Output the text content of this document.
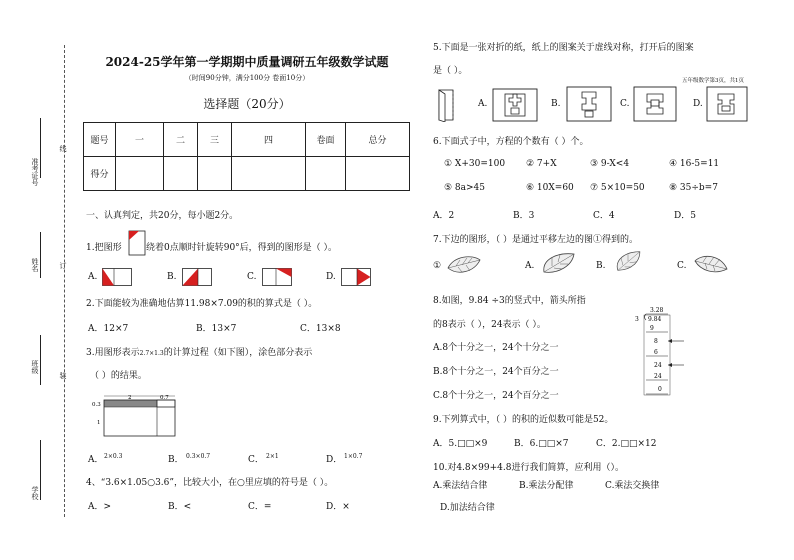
准考证号
线
姓名	订
班级
装
学校
2024-25学年第一学期期中质量调研五年级数学试题
（时间90分钟，满分100分 卷面10分）
选择题（20分）
题号	一	二	三	四	卷面	总分
得分						
一、认真判定，共20分，每小题2分。
1.把图形	绕着0点顺时针旋转90°后，得到的图形是（ ）。
A.	B.	C.	D.
2.下面能较为准确地估算11.98×7.09的积的算式是（ ）。
A．12×7	B．13×7	C．13×8
3.用图形表示2.7×1.3的计算过程（如下图），涂色部分表示
（ ）的结果。
2	0.7
0.3
1
A． 2×0.3	B． 0.3×0.7	C． 2×1	D． 1×0.7
4、“3.6×1.05○3.6”，比较大小，在○里应填的符号是（ ）。
A．>	B．<	C．=	D．×
5.下面是一张对折的纸，纸上的图案关于虚线对称，打开后的图案
是（ ）。
五年级数学第3页，共1页
A.	B.	C.	D.
6.下面式子中，方程的个数有（ ）个。
① X+30=100 ② 7+X	③ 9-X<4	④ 16-5=11
⑤ 8a>45	⑥ 10X=60 ⑦ 5×10=50	⑧ 35÷b=7
A．2	B．3	C．4	D．5
7.下边的图形，（ ）是通过平移左边的图①得到的。
①	A.	B.	C.
8.如图，9.84 ÷3的竖式中，箭头所指
的8表示（ ），24表示（ ）。
A.8个十分之一，24个十分之一
B.8个十分之一，24个百分之一
C.8个十分之一，24个百分之一
3.28
3 9.84
9
8
6
24
24
0
9.下列算式中，（ ）的积的近似数可能是52。
A．5.□□×9	B．6.□□×7	C．2.□□×12
10.对4.8×99+4.8进行我们简算，应利用（）。
A.乘法结合律	B.乘法分配律	C.乘法交换律
D.加法结合律
